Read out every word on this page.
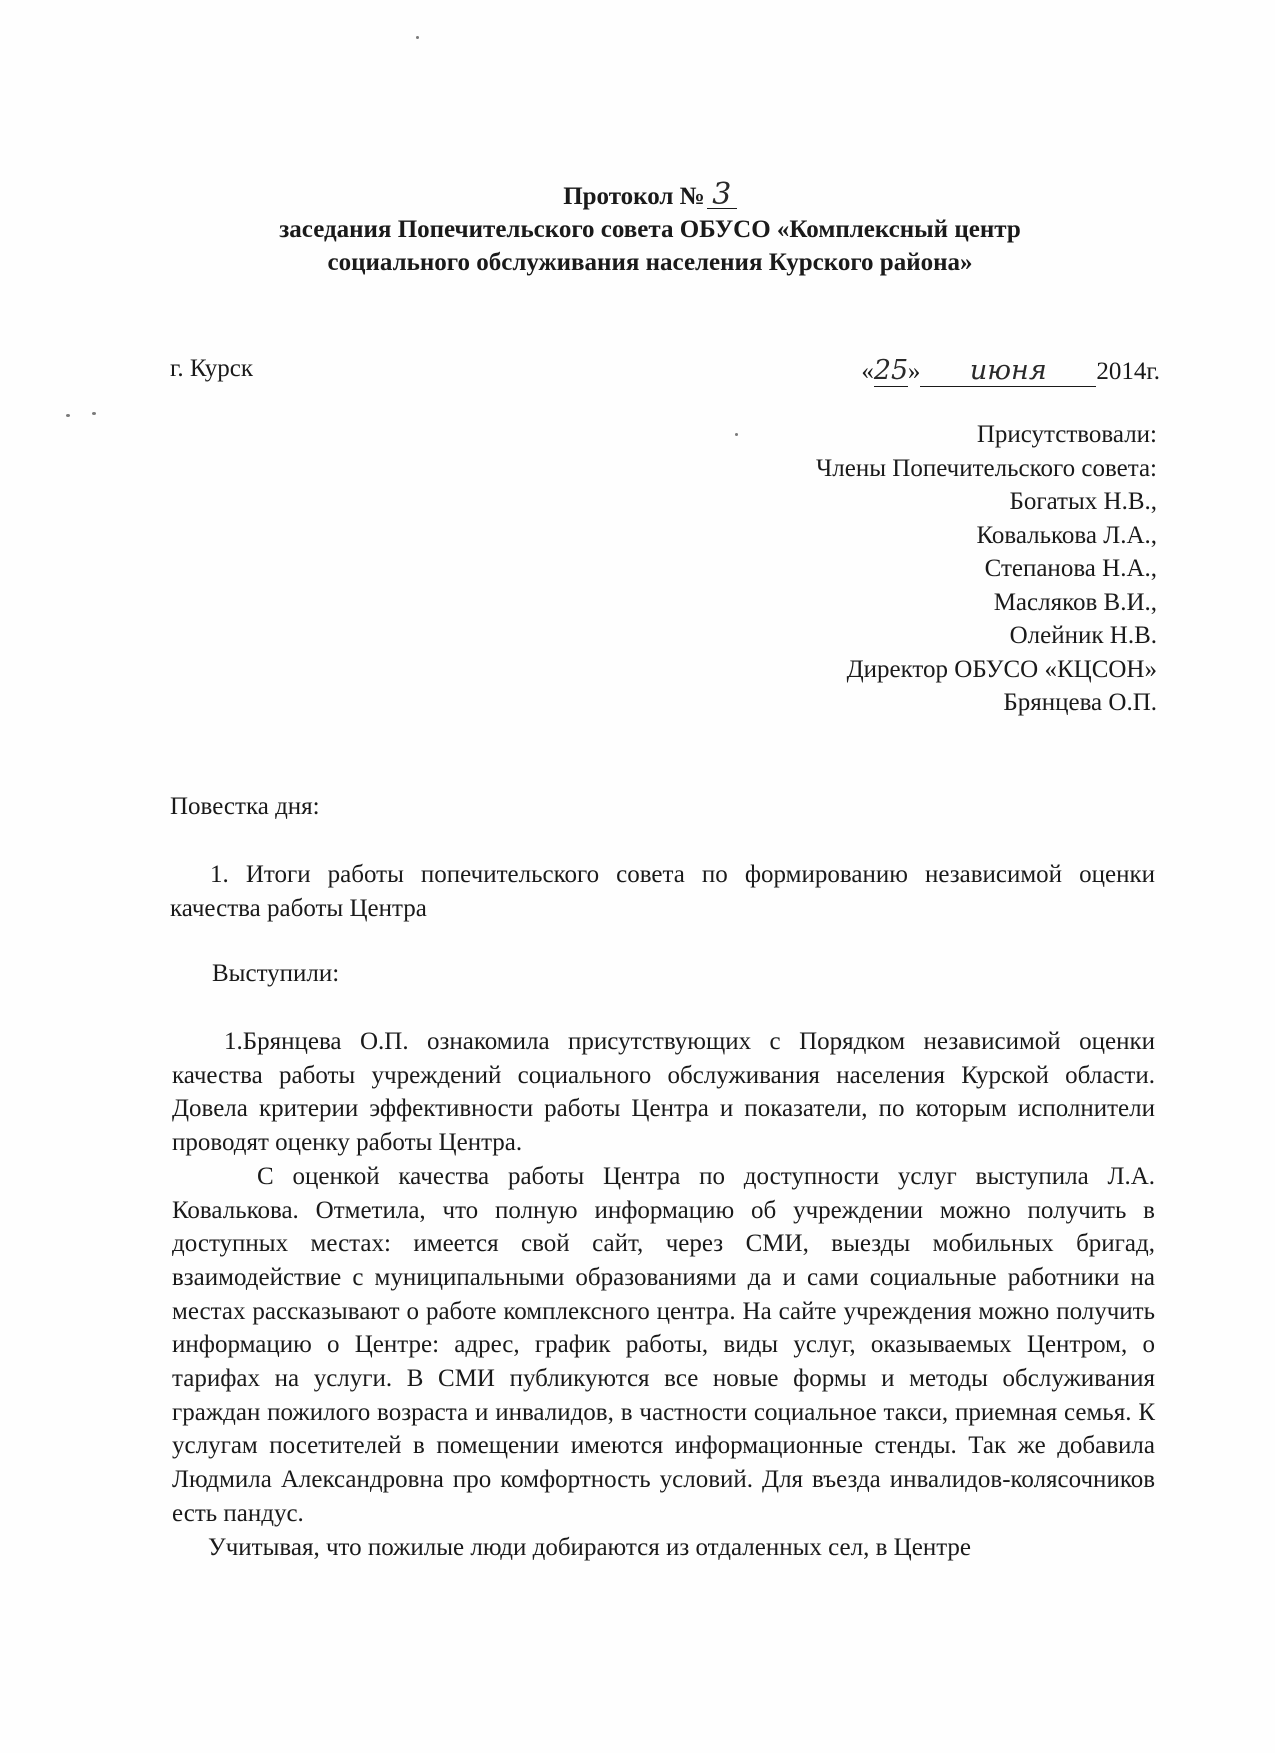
Протокол № 3
заседания Попечительского совета ОБУСО «Комплексный центр
социального обслуживания населения Курского района»
г. Курск	«25» июня 2014г.
Присутствовали:
Члены Попечительского совета:
Богатых Н.В.,
Ковалькова Л.А.,
Степанова Н.А.,
Масляков В.И.,
Олейник Н.В.
Директор ОБУСО «КЦСОН»
Брянцева О.П.
Повестка дня:
1. Итоги работы попечительского совета по формированию независимой оценки качества работы Центра
Выступили:

1.Брянцева О.П. ознакомила присутствующих с Порядком независимой оценки качества работы учреждений социального обслуживания населения Курской области. Довела критерии эффективности работы Центра и показатели, по которым исполнители проводят оценку работы Центра.

С оценкой качества работы Центра по доступности услуг выступила Л.А. Ковалькова. Отметила, что полную информацию об учреждении можно получить в доступных местах: имеется свой сайт, через СМИ, выезды мобильных бригад, взаимодействие с муниципальными образованиями да и сами социальные работники на местах рассказывают о работе комплексного центра. На сайте учреждения можно получить информацию о Центре: адрес, график работы, виды услуг, оказываемых Центром, о тарифах на услуги. В СМИ публикуются все новые формы и методы обслуживания граждан пожилого возраста и инвалидов, в частности социальное такси, приемная семья. К услугам посетителей в помещении имеются информационные стенды. Так же добавила Людмила Александровна про комфортность условий. Для въезда инвалидов-колясочников есть пандус.

Учитывая, что пожилые люди добираются из отдаленных сел, в Центре
